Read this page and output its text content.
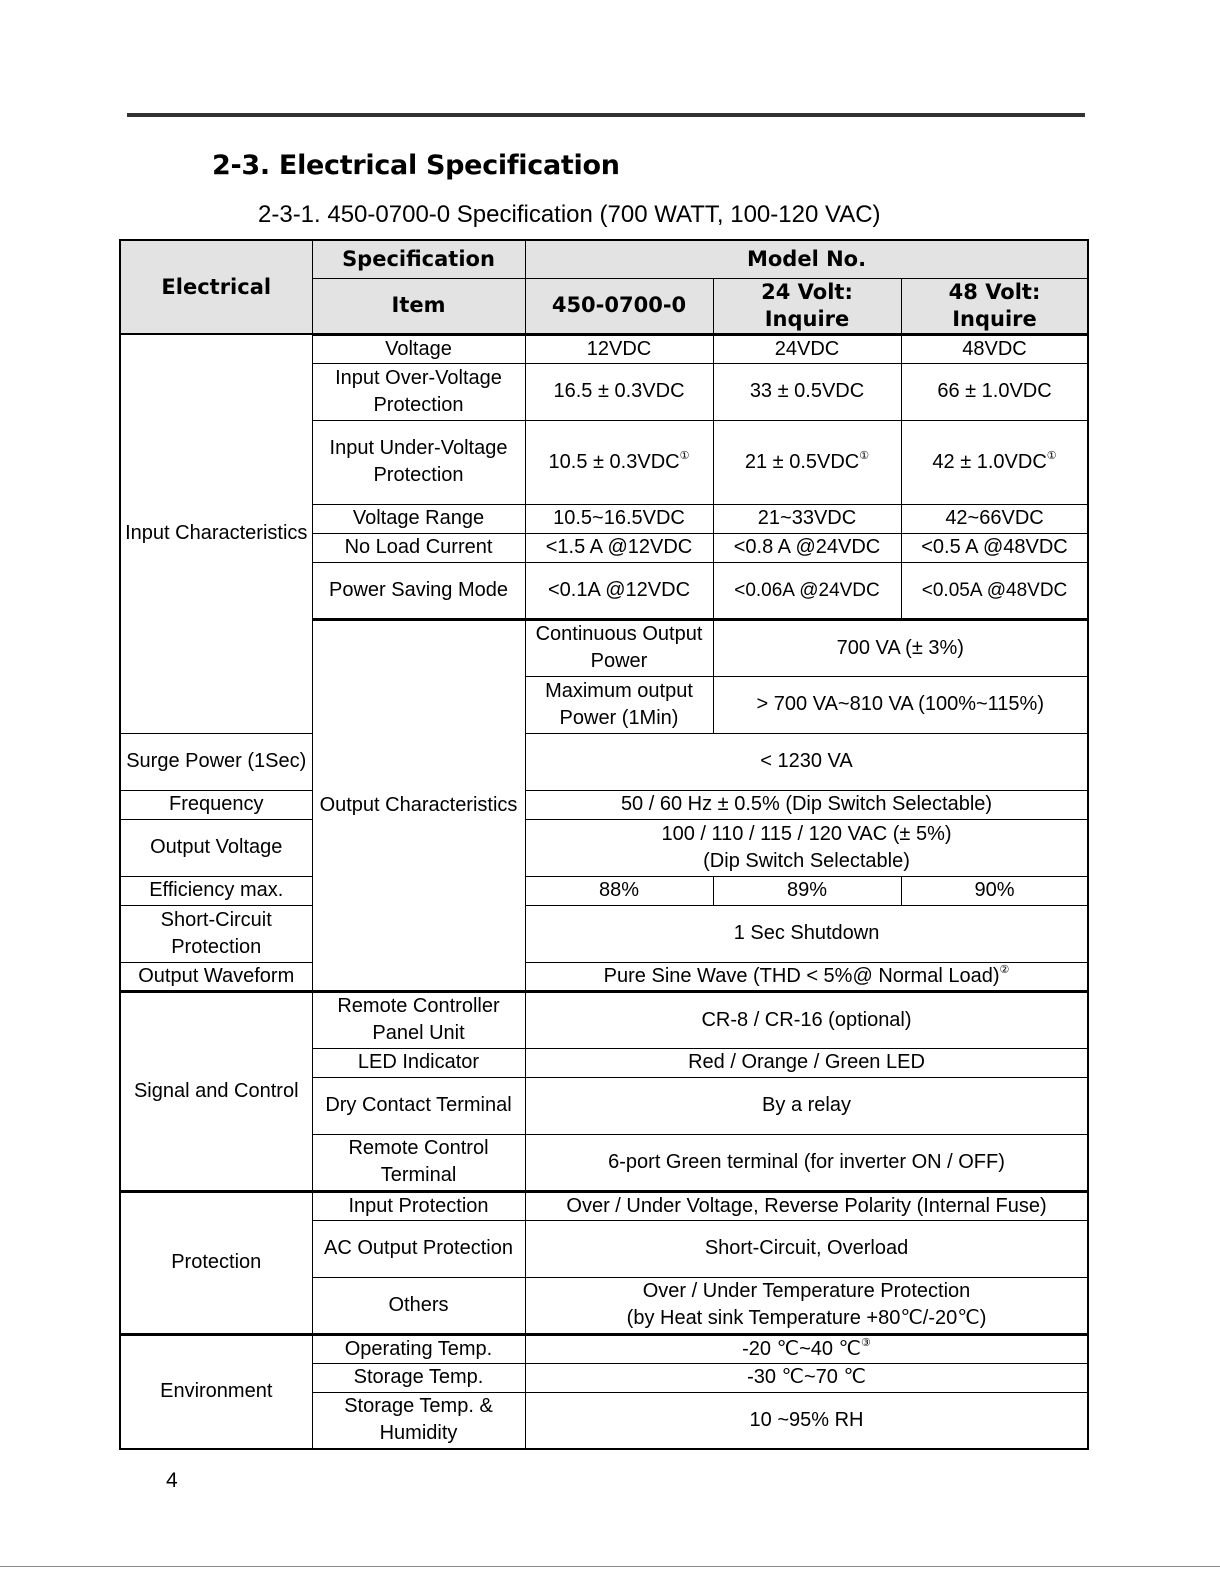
2-3. Electrical Specification
2-3-1. 450-0700-0 Specification (700 WATT, 100-120 VAC)
Electrical	Specification	Model No.		
	Item	450-0700-0	24 Volt: Inquire	48 Volt: Inquire
Input Characteristics	Voltage	12VDC	24VDC	48VDC
	Input Over-Voltage Protection	16.5 ± 0.3VDC	33 ± 0.5VDC	66 ± 1.0VDC
	Input Under-Voltage Protection	10.5 ± 0.3VDC①	21 ± 0.5VDC①	42 ± 1.0VDC①
	Voltage Range	10.5~16.5VDC	21~33VDC	42~66VDC
	No Load Current	<1.5 A @12VDC	<0.8 A @24VDC	<0.5 A @48VDC
	Power Saving Mode	<0.1A @12VDC	<0.06A @24VDC	<0.05A @48VDC
	Output Characteristics	Continuous Output Power	700 VA (± 3%)	
		Maximum output Power (1Min)	> 700 VA~810 VA (100%~115%)	
Surge Power (1Sec)		< 1230 VA		
Frequency		50 / 60 Hz ± 0.5% (Dip Switch Selectable)		
Output Voltage		100 / 110 / 115 / 120 VAC (± 5%)
(Dip Switch Selectable)		

Efficiency max.		88%	89%	90%
Short-Circuit Protection		1 Sec Shutdown		
Output Waveform		Pure Sine Wave (THD < 5%@ Normal Load)②
Signal and Control	Remote Controller Panel Unit	CR-8 / CR-16 (optional)		
	LED Indicator	Red / Orange / Green LED		
	Dry Contact Terminal	By a relay		
	Remote Control Terminal	6-port Green terminal (for inverter ON / OFF)		
Protection	Input Protection	Over / Under Voltage, Reverse Polarity (Internal Fuse)		
	AC Output Protection	Short-Circuit, Overload		
	Others	Over / Under Temperature Protection
(by Heat sink Temperature +80℃/-20℃)		

Environment	Operating Temp.	-20 ℃~40 ℃③
	Storage Temp.	-30 ℃~70 ℃		
	Storage Temp. & Humidity	10 ~95% RH		
4
